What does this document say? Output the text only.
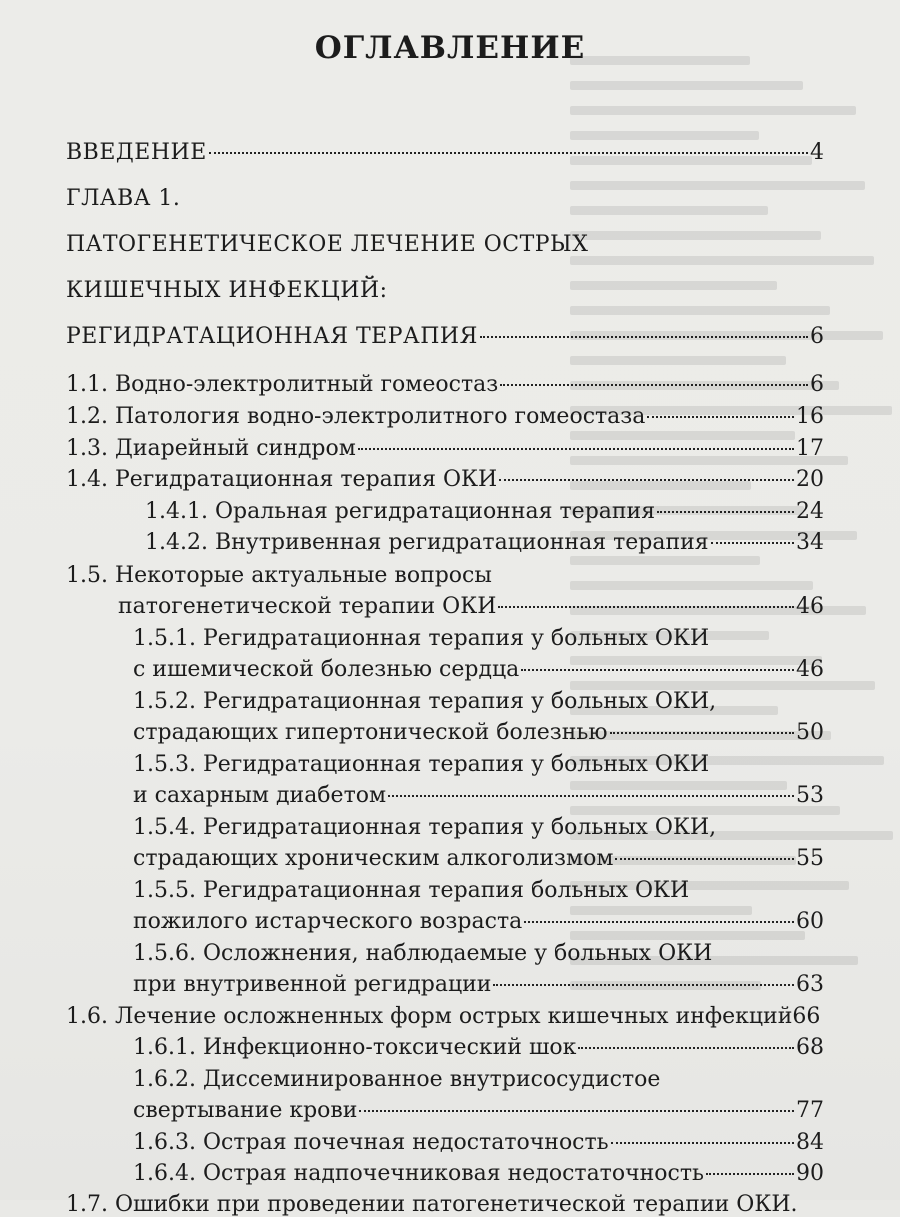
ОГЛАВЛЕНИЕ
ВВЕДЕНИЕ	4
ГЛАВА 1.
ПАТОГЕНЕТИЧЕСКОЕ ЛЕЧЕНИЕ ОСТРЫХ
КИШЕЧНЫХ ИНФЕКЦИЙ:
РЕГИДРАТАЦИОННАЯ ТЕРАПИЯ	6
1.1. Водно-электролитный гомеостаз	6
1.2. Патология водно-электролитного гомеостаза	16
1.3. Диарейный синдром	17
1.4. Регидратационная терапия ОКИ	20
1.4.1. Оральная регидратационная терапия	24
1.4.2. Внутривенная регидратационная терапия	34
1.5. Некоторые актуальные вопросы
патогенетической терапии ОКИ	46
1.5.1. Регидратационная терапия у больных ОКИ
с ишемической болезнью сердца	46
1.5.2. Регидратационная терапия у больных ОКИ,
страдающих гипертонической болезнью	50
1.5.3. Регидратационная терапия у больных ОКИ
и сахарным диабетом	53
1.5.4. Регидратационная терапия у больных ОКИ,
страдающих хроническим алкоголизмом	55
1.5.5. Регидратационная терапия больных ОКИ
пожилого истарческого возраста	60
1.5.6. Осложнения, наблюдаемые у больных ОКИ
при внутривенной регидрации	63
1.6. Лечение осложненных форм острых кишечных инфекций 66
1.6.1. Инфекционно-токсический шок	68
1.6.2. Диссеминированное внутрисосудистое
свертывание крови	77
1.6.3. Острая почечная недостаточность	84
1.6.4. Острая надпочечниковая недостаточность	90
1.7. Ошибки при проведении патогенетической терапии ОКИ.
